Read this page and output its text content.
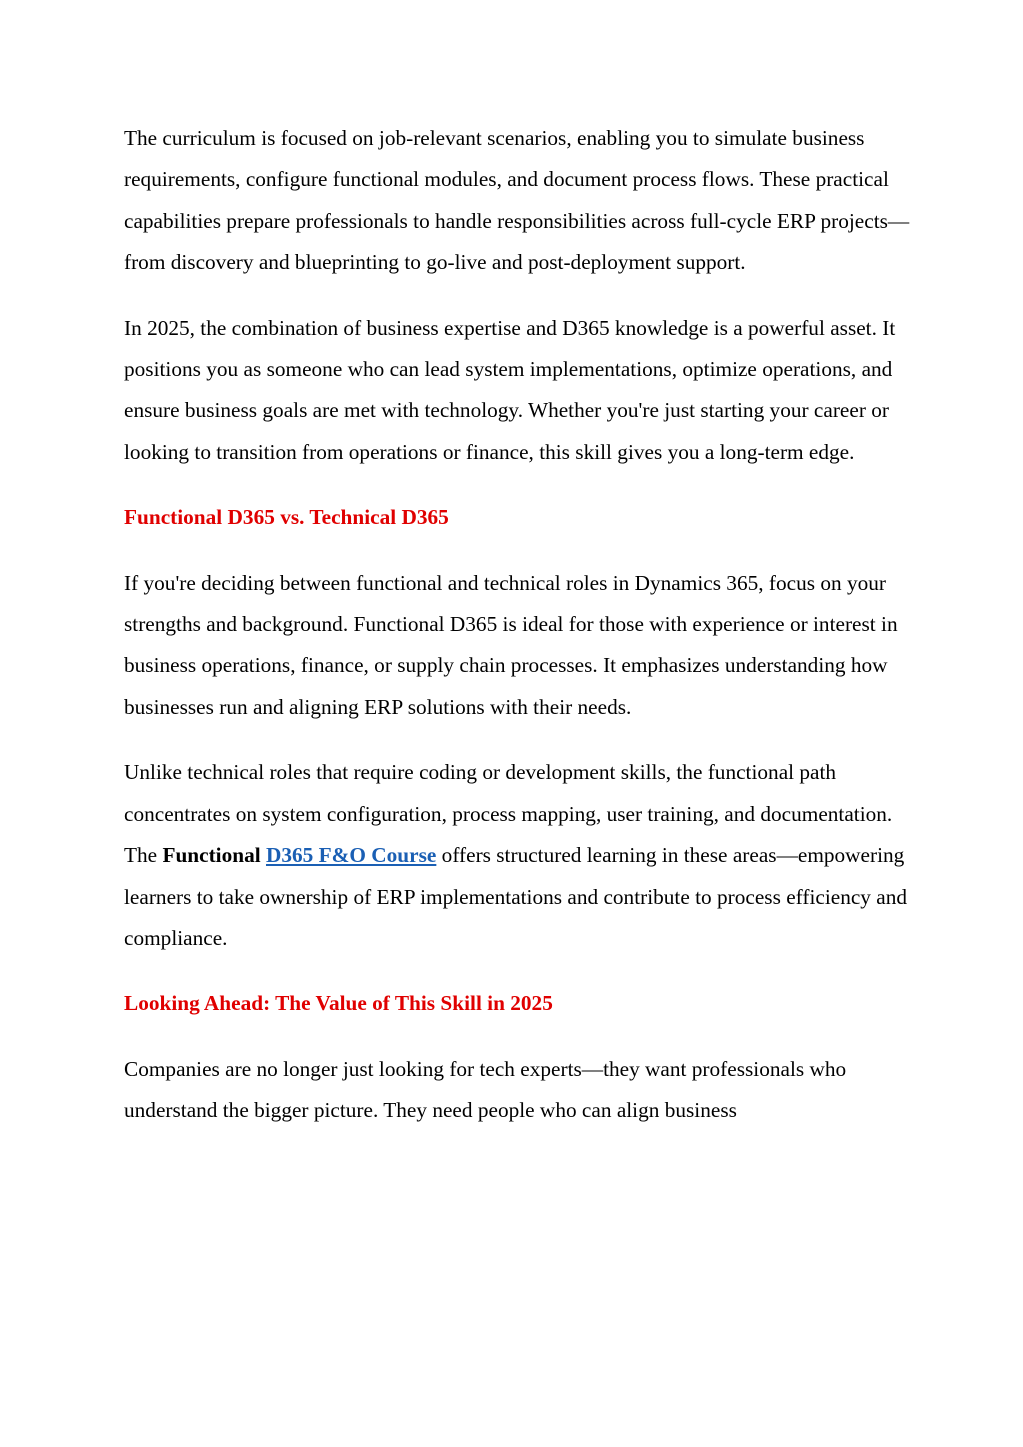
The curriculum is focused on job-relevant scenarios, enabling you to simulate business requirements, configure functional modules, and document process flows. These practical capabilities prepare professionals to handle responsibilities across full-cycle ERP projects—from discovery and blueprinting to go-live and post-deployment support.

In 2025, the combination of business expertise and D365 knowledge is a powerful asset. It positions you as someone who can lead system implementations, optimize operations, and ensure business goals are met with technology. Whether you're just starting your career or looking to transition from operations or finance, this skill gives you a long-term edge.

Functional D365 vs. Technical D365

If you're deciding between functional and technical roles in Dynamics 365, focus on your strengths and background. Functional D365 is ideal for those with experience or interest in business operations, finance, or supply chain processes. It emphasizes understanding how businesses run and aligning ERP solutions with their needs.

Unlike technical roles that require coding or development skills, the functional path concentrates on system configuration, process mapping, user training, and documentation. The Functional D365 F&O Course offers structured learning in these areas—empowering learners to take ownership of ERP implementations and contribute to process efficiency and compliance.

Looking Ahead: The Value of This Skill in 2025

Companies are no longer just looking for tech experts—they want professionals who understand the bigger picture. They need people who can align business
